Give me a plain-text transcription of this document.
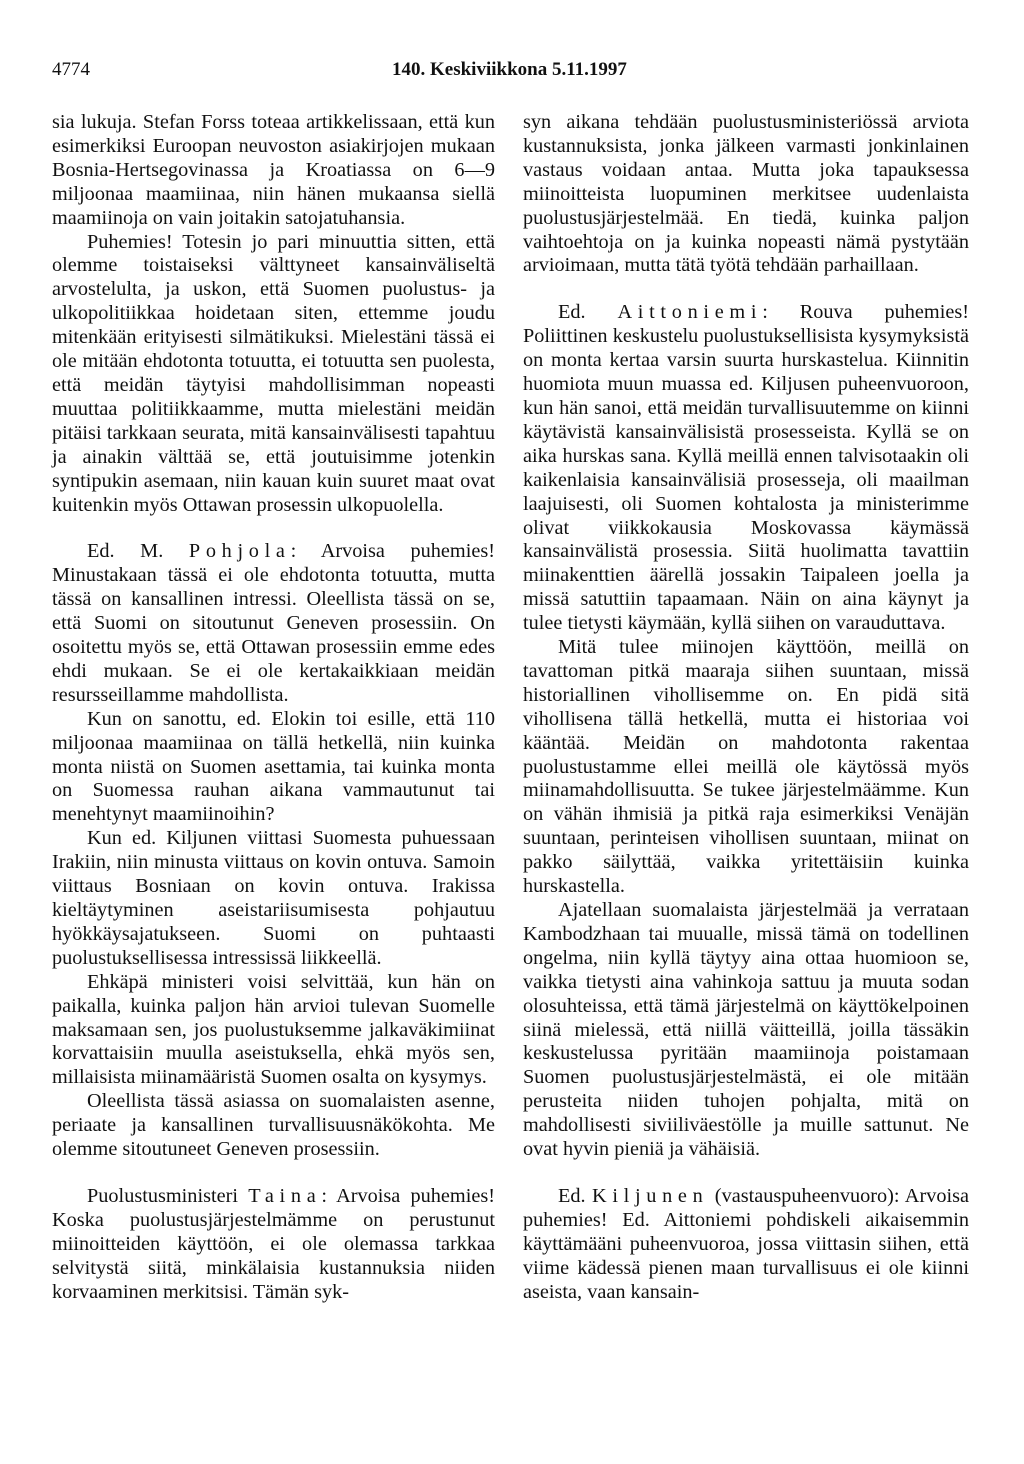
4774	140. Keskiviikkona 5.11.1997

sia lukuja. Stefan Forss toteaa artikkelissaan, että kun esimerkiksi Euroopan neuvoston asiakirjojen mukaan Bosnia-Hertsegovinassa ja Kroatiassa on 6—9 miljoonaa maamiinaa, niin hänen mukaansa siellä maamiinoja on vain joitakin satojatuhansia.

Puhemies! Totesin jo pari minuuttia sitten, että olemme toistaiseksi välttyneet kansainväliseltä arvostelulta, ja uskon, että Suomen puolustus- ja ulkopolitiikkaa hoidetaan siten, ettemme joudu mitenkään erityisesti silmätikuksi. Mielestäni tässä ei ole mitään ehdotonta totuutta, ei totuutta sen puolesta, että meidän täytyisi mahdollisimman nopeasti muuttaa politiikkaamme, mutta mielestäni meidän pitäisi tarkkaan seurata, mitä kansainvälisesti tapahtuu ja ainakin välttää se, että joutuisimme jotenkin syntipukin asemaan, niin kauan kuin suuret maat ovat kuitenkin myös Ottawan prosessin ulkopuolella.

Ed. M. Pohjola: Arvoisa puhemies! Minustakaan tässä ei ole ehdotonta totuutta, mutta tässä on kansallinen intressi. Oleellista tässä on se, että Suomi on sitoutunut Geneven prosessiin. On osoitettu myös se, että Ottawan prosessiin emme edes ehdi mukaan. Se ei ole kertakaikkiaan meidän resursseillamme mahdollista.

Kun on sanottu, ed. Elokin toi esille, että 110 miljoonaa maamiinaa on tällä hetkellä, niin kuinka monta niistä on Suomen asettamia, tai kuinka monta on Suomessa rauhan aikana vammautunut tai menehtynyt maamiinoihin?

Kun ed. Kiljunen viittasi Suomesta puhuessaan Irakiin, niin minusta viittaus on kovin ontuva. Samoin viittaus Bosniaan on kovin ontuva. Irakissa kieltäytyminen aseistariisumisesta pohjautuu hyökkäysajatukseen. Suomi on puhtaasti puolustuksellisessa intressissä liikkeellä.

Ehkäpä ministeri voisi selvittää, kun hän on paikalla, kuinka paljon hän arvioi tulevan Suomelle maksamaan sen, jos puolustuksemme jalkaväkimiinat korvattaisiin muulla aseistuksella, ehkä myös sen, millaisista miinamääristä Suomen osalta on kysymys.

Oleellista tässä asiassa on suomalaisten asenne, periaate ja kansallinen turvallisuusnäkökohta. Me olemme sitoutuneet Geneven prosessiin.

Puolustusministeri Taina: Arvoisa puhemies! Koska puolustusjärjestelmämme on perustunut miinoitteiden käyttöön, ei ole olemassa tarkkaa selvitystä siitä, minkälaisia kustannuksia niiden korvaaminen merkitsisi. Tämän syk-

syn aikana tehdään puolustusministeriössä arviota kustannuksista, jonka jälkeen varmasti jonkinlainen vastaus voidaan antaa. Mutta joka tapauksessa miinoitteista luopuminen merkitsee uudenlaista puolustusjärjestelmää. En tiedä, kuinka paljon vaihtoehtoja on ja kuinka nopeasti nämä pystytään arvioimaan, mutta tätä työtä tehdään parhaillaan.

Ed. Aittoniemi: Rouva puhemies! Poliittinen keskustelu puolustuksellisista kysymyksistä on monta kertaa varsin suurta hurskastelua. Kiinnitin huomiota muun muassa ed. Kiljusen puheenvuoroon, kun hän sanoi, että meidän turvallisuutemme on kiinni käytävistä kansainvälisistä prosesseista. Kyllä se on aika hurskas sana. Kyllä meillä ennen talvisotaakin oli kaikenlaisia kansainvälisiä prosesseja, oli maailman laajuisesti, oli Suomen kohtalosta ja ministerimme olivat viikkokausia Moskovassa käymässä kansainvälistä prosessia. Siitä huolimatta tavattiin miinakenttien äärellä jossakin Taipaleen joella ja missä satuttiin tapaamaan. Näin on aina käynyt ja tulee tietysti käymään, kyllä siihen on varauduttava.

Mitä tulee miinojen käyttöön, meillä on tavattoman pitkä maaraja siihen suuntaan, missä historiallinen vihollisemme on. En pidä sitä vihollisena tällä hetkellä, mutta ei historiaa voi kääntää. Meidän on mahdotonta rakentaa puolustustamme ellei meillä ole käytössä myös miinamahdollisuutta. Se tukee järjestelmäämme. Kun on vähän ihmisiä ja pitkä raja esimerkiksi Venäjän suuntaan, perinteisen vihollisen suuntaan, miinat on pakko säilyttää, vaikka yritettäisiin kuinka hurskastella.

Ajatellaan suomalaista järjestelmää ja verrataan Kambodzhaan tai muualle, missä tämä on todellinen ongelma, niin kyllä täytyy aina ottaa huomioon se, vaikka tietysti aina vahinkoja sattuu ja muuta sodan olosuhteissa, että tämä järjestelmä on käyttökelpoinen siinä mielessä, että niillä väitteillä, joilla tässäkin keskustelussa pyritään maamiinoja poistamaan Suomen puolustusjärjestelmästä, ei ole mitään perusteita niiden tuhojen pohjalta, mitä on mahdollisesti siviiliväestölle ja muille sattunut. Ne ovat hyvin pieniä ja vähäisiä.

Ed. Kiljunen (vastauspuheenvuoro): Arvoisa puhemies! Ed. Aittoniemi pohdiskeli aikaisemmin käyttämääni puheenvuoroa, jossa viittasin siihen, että viime kädessä pienen maan turvallisuus ei ole kiinni aseista, vaan kansain-
